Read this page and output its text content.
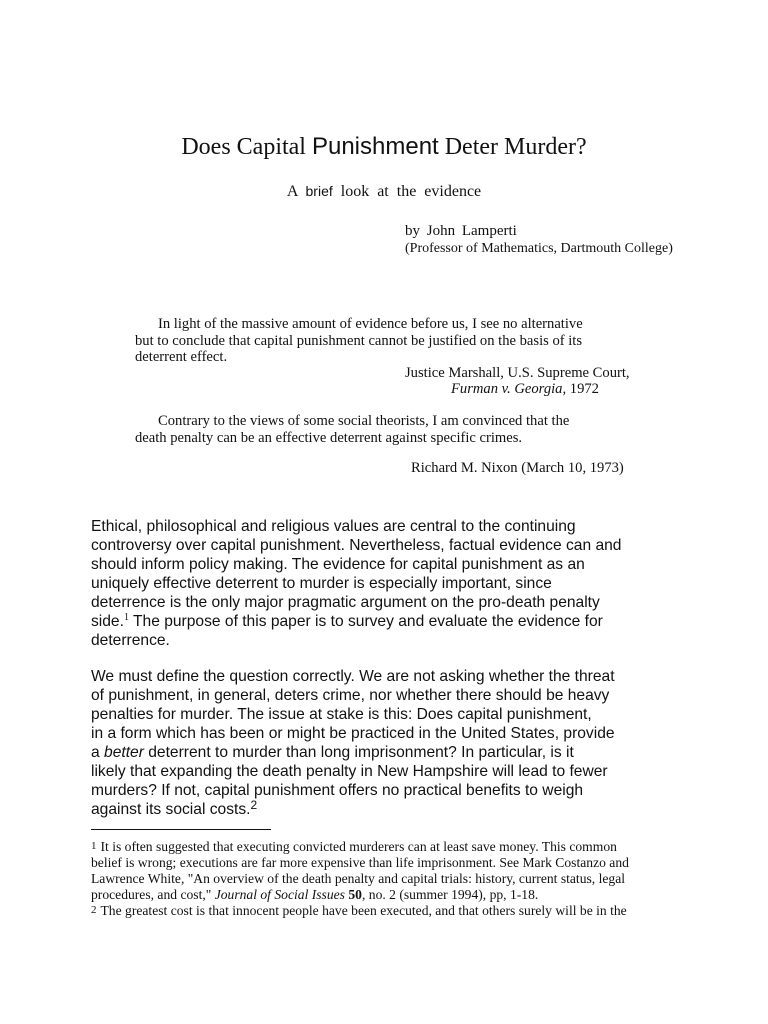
Does Capital Punishment Deter Murder?
A brief look at the evidence
by John Lamperti
(Professor of Mathematics, Dartmouth College)
In light of the massive amount of evidence before us, I see no alternative
but to conclude that capital punishment cannot be justified on the basis of its
deterrent effect.
Justice Marshall, U.S. Supreme Court,
Furman v. Georgia, 1972
Contrary to the views of some social theorists, I am convinced that the
death penalty can be an effective deterrent against specific crimes.
Richard M. Nixon (March 10, 1973)
Ethical, philosophical and religious values are central to the continuing
controversy over capital punishment. Nevertheless, factual evidence can and
should inform policy making. The evidence for capital punishment as an
uniquely effective deterrent to murder is especially important, since
deterrence is the only major pragmatic argument on the pro-death penalty
side.$^1$ The purpose of this paper is to survey and evaluate the evidence for
deterrence.
We must define the question correctly. We are not asking whether the threat
of punishment, in general, deters crime, nor whether there should be heavy
penalties for murder. The issue at stake is this: Does capital punishment,
in a form which has been or might be practiced in the United States, provide
a better deterrent to murder than long imprisonment? In particular, is it
likely that expanding the death penalty in New Hampshire will lead to fewer
murders? If not, capital punishment offers no practical benefits to weigh
against its social costs.$^2$
1 It is often suggested that executing convicted murderers can at least save money. This common
belief is wrong; executions are far more expensive than life imprisonment. See Mark Costanzo and
Lawrence White, "An overview of the death penalty and capital trials: history, current status, legal
procedures, and cost," Journal of Social Issues 50, no. 2 (summer 1994), pp, 1-18.
2 The greatest cost is that innocent people have been executed, and that others surely will be in the
